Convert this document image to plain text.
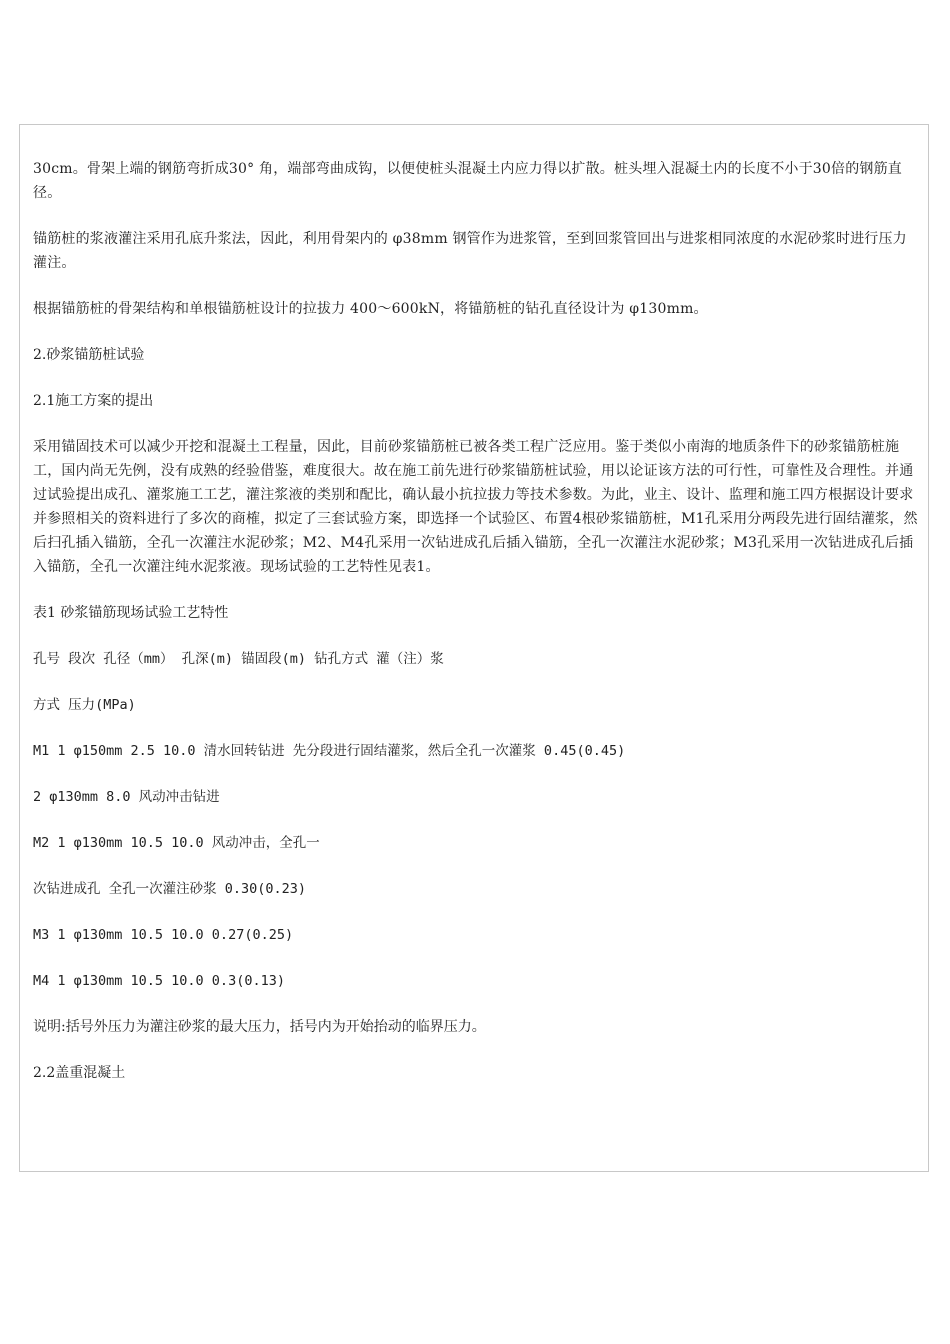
30cm。骨架上端的钢筋弯折成30° 角，端部弯曲成钩，以便使桩头混凝土内应力得以扩散。桩头埋入混凝土内的长度不小于30倍的钢筋直径。

锚筋桩的浆液灌注采用孔底升浆法，因此，利用骨架内的 φ38mm 钢管作为进浆管，至到回浆管回出与进浆相同浓度的水泥砂浆时进行压力灌注。

根据锚筋桩的骨架结构和单根锚筋桩设计的拉拔力 400～600kN，将锚筋桩的钻孔直径设计为 φ130mm。

2.砂浆锚筋桩试验

2.1施工方案的提出

采用锚固技术可以减少开挖和混凝土工程量，因此，目前砂浆锚筋桩已被各类工程广泛应用。鉴于类似小南海的地质条件下的砂浆锚筋桩施工，国内尚无先例，没有成熟的经验借鉴，难度很大。故在施工前先进行砂浆锚筋桩试验，用以论证该方法的可行性，可靠性及合理性。并通过试验提出成孔、灌浆施工工艺，灌注浆液的类别和配比，确认最小抗拉拔力等技术参数。为此，业主、设计、监理和施工四方根据设计要求并参照相关的资料进行了多次的商榷，拟定了三套试验方案，即选择一个试验区、布置4根砂浆锚筋桩，M1孔采用分两段先进行固结灌浆，然后扫孔插入锚筋，全孔一次灌注水泥砂浆；M2、M4孔采用一次钻进成孔后插入锚筋，全孔一次灌注水泥砂浆；M3孔采用一次钻进成孔后插入锚筋，全孔一次灌注纯水泥浆液。现场试验的工艺特性见表1。

表1 砂浆锚筋现场试验工艺特性

孔号 段次 孔径（mm） 孔深(m) 锚固段(m) 钻孔方式 灌（注）浆

方式 压力(MPa)

M1 1 φ150mm 2.5 10.0 清水回转钻进 先分段进行固结灌浆，然后全孔一次灌浆 0.45(0.45)

2 φ130mm 8.0 风动冲击钻进

M2 1 φ130mm 10.5 10.0 风动冲击，全孔一

次钻进成孔 全孔一次灌注砂浆 0.30(0.23)

M3 1 φ130mm 10.5 10.0 0.27(0.25)

M4 1 φ130mm 10.5 10.0 0.3(0.13)

说明:括号外压力为灌注砂浆的最大压力，括号内为开始抬动的临界压力。

2.2盖重混凝土
